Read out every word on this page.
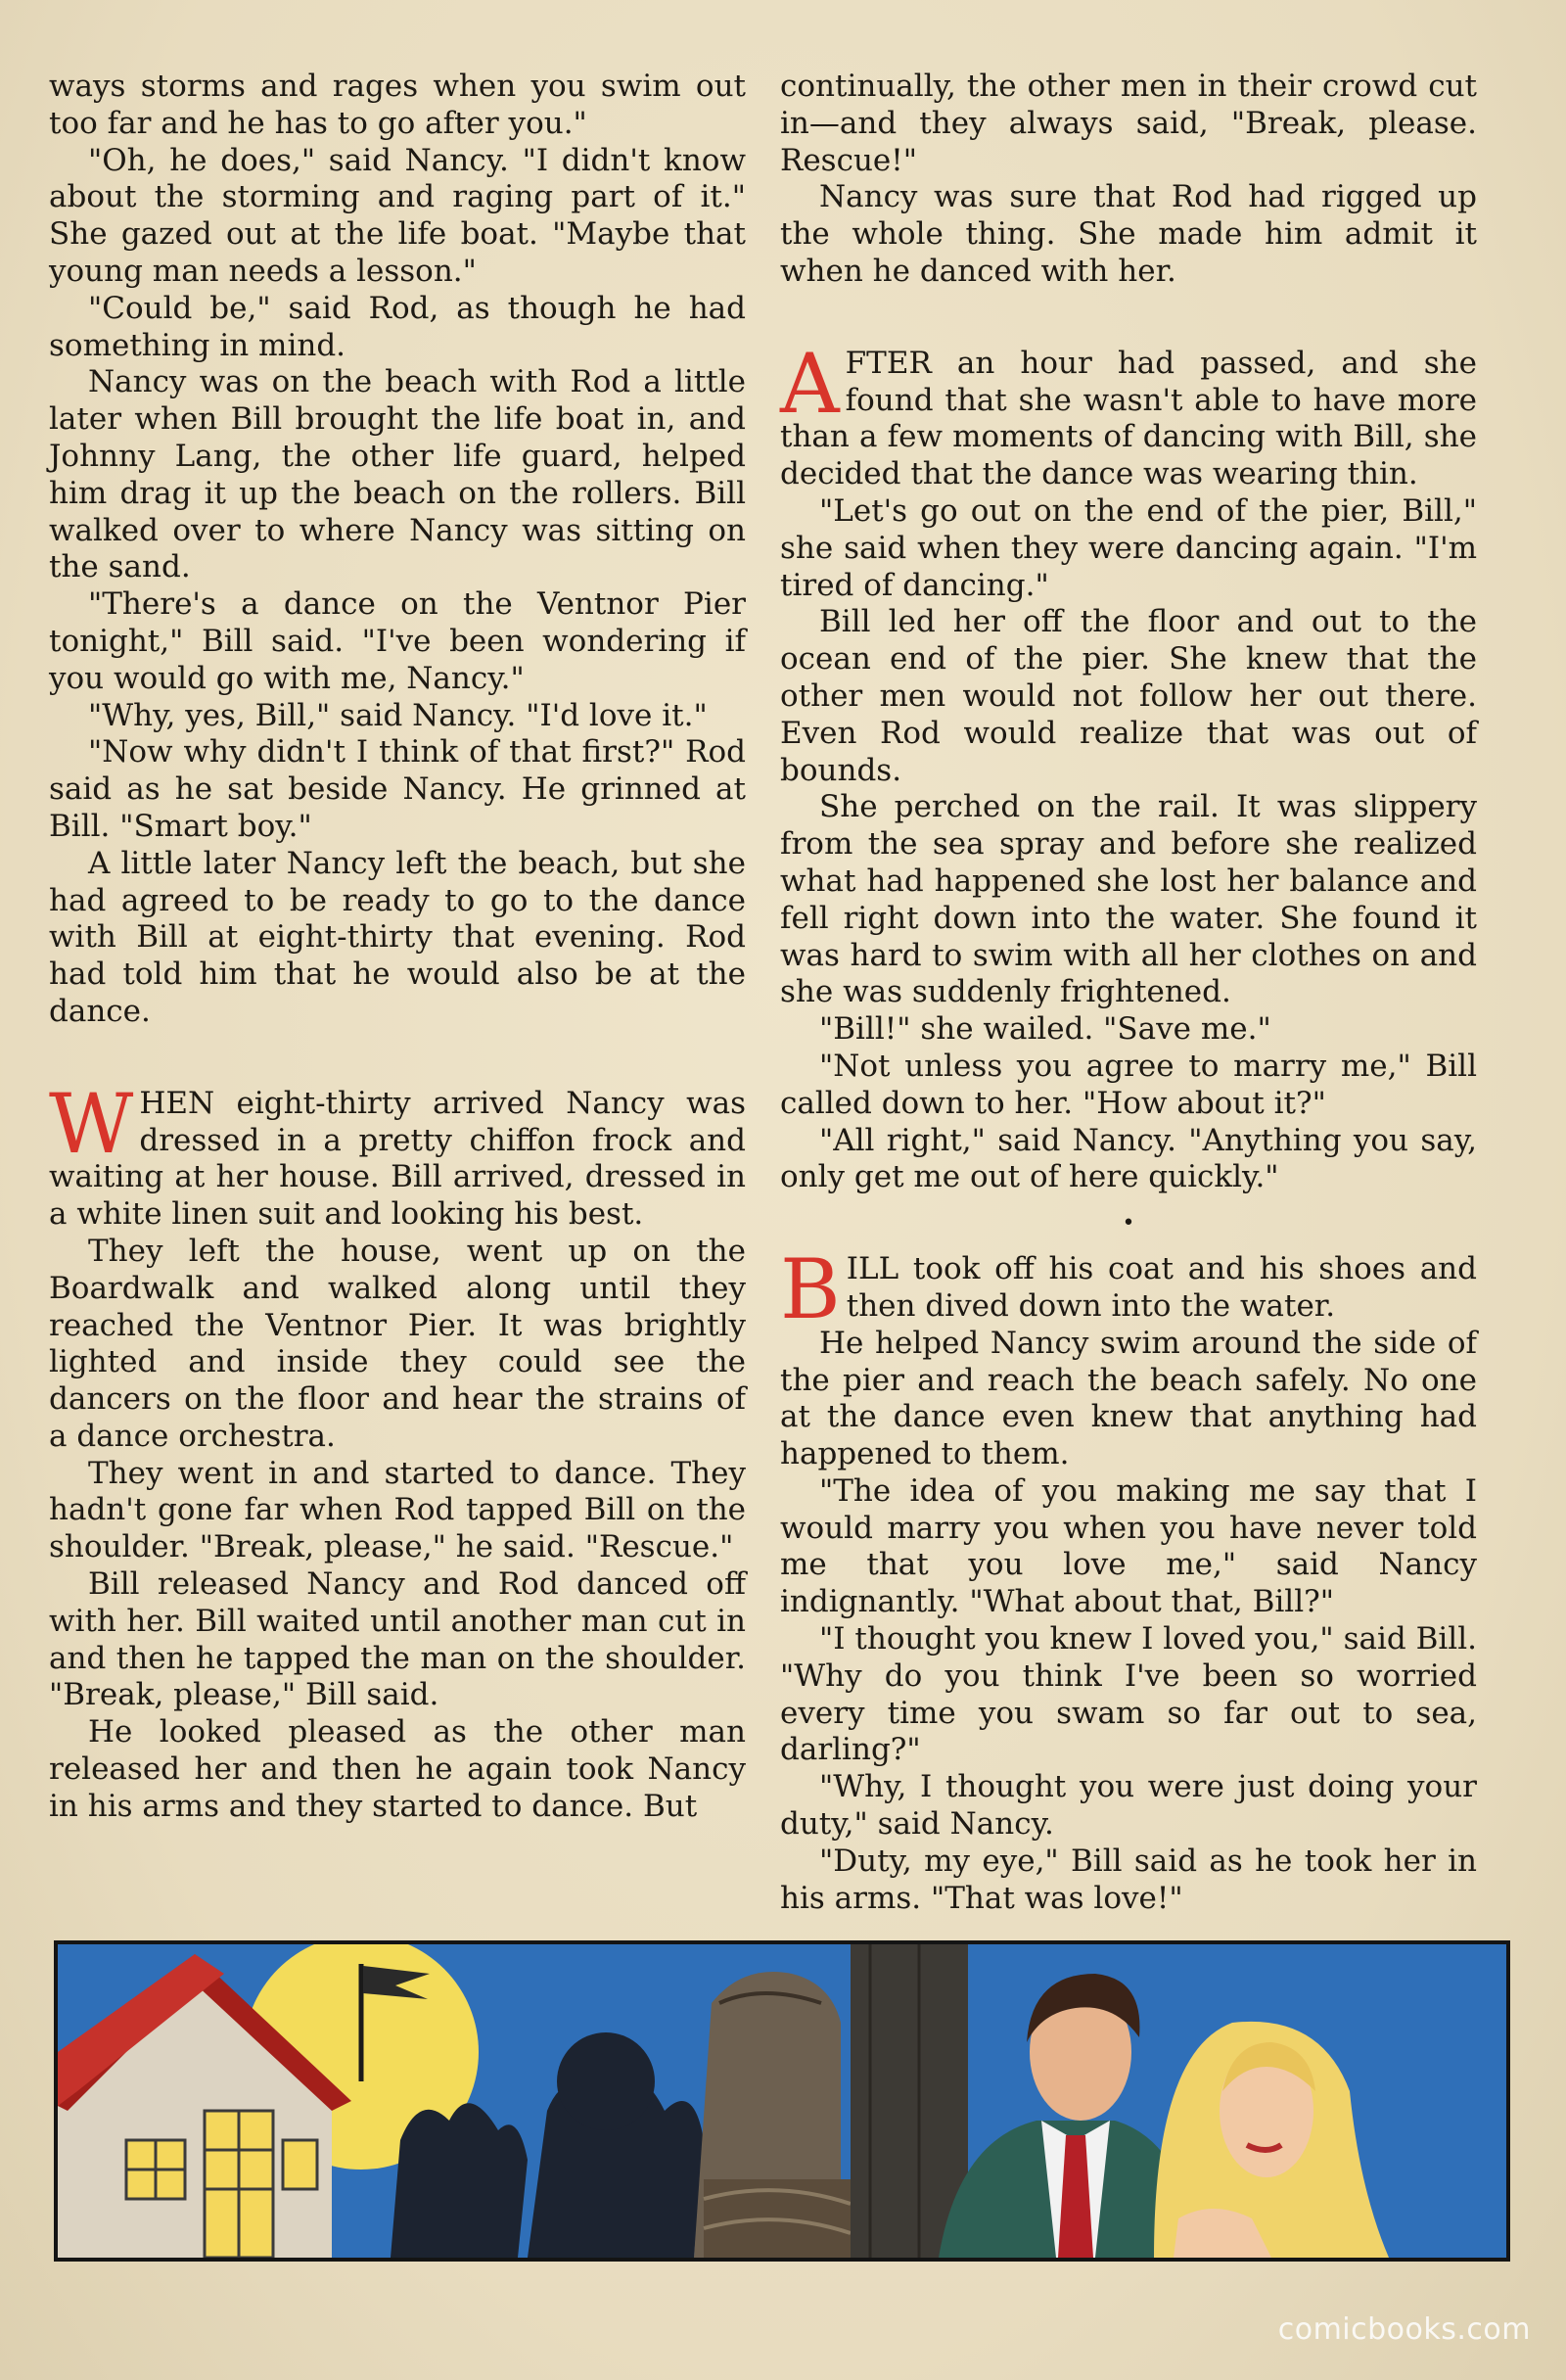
ways storms and rages when you swim out too far and he has to go after you."

"Oh, he does," said Nancy. "I didn't know about the storming and raging part of it." She gazed out at the life boat. "Maybe that young man needs a lesson."

"Could be," said Rod, as though he had something in mind.

Nancy was on the beach with Rod a little later when Bill brought the life boat in, and Johnny Lang, the other life guard, helped him drag it up the beach on the rollers. Bill walked over to where Nancy was sitting on the sand.

"There's a dance on the Ventnor Pier tonight," Bill said. "I've been wondering if you would go with me, Nancy."

"Why, yes, Bill," said Nancy. "I'd love it."

"Now why didn't I think of that first?" Rod said as he sat beside Nancy. He grinned at Bill. "Smart boy."

A little later Nancy left the beach, but she had agreed to be ready to go to the dance with Bill at eight-thirty that evening. Rod had told him that he would also be at the dance.

WHEN eight-thirty arrived Nancy was dressed in a pretty chiffon frock and waiting at her house. Bill arrived, dressed in a white linen suit and looking his best.

They left the house, went up on the Boardwalk and walked along until they reached the Ventnor Pier. It was brightly lighted and inside they could see the dancers on the floor and hear the strains of a dance orchestra.

They went in and started to dance. They hadn't gone far when Rod tapped Bill on the shoulder. "Break, please," he said. "Rescue."

Bill released Nancy and Rod danced off with her. Bill waited until another man cut in and then he tapped the man on the shoulder. "Break, please," Bill said.

He looked pleased as the other man released her and then he again took Nancy in his arms and they started to dance. But

continually, the other men in their crowd cut in—and they always said, "Break, please. Rescue!"

Nancy was sure that Rod had rigged up the whole thing. She made him admit it when he danced with her.

AFTER an hour had passed, and she found that she wasn't able to have more than a few moments of dancing with Bill, she decided that the dance was wearing thin.

"Let's go out on the end of the pier, Bill," she said when they were dancing again. "I'm tired of dancing."

Bill led her off the floor and out to the ocean end of the pier. She knew that the other men would not follow her out there. Even Rod would realize that was out of bounds.

She perched on the rail. It was slippery from the sea spray and before she realized what had happened she lost her balance and fell right down into the water. She found it was hard to swim with all her clothes on and she was suddenly frightened.

"Bill!" she wailed. "Save me."

"Not unless you agree to marry me," Bill called down to her. "How about it?"

"All right," said Nancy. "Anything you say, only get me out of here quickly."

•

BILL took off his coat and his shoes and then dived down into the water.

He helped Nancy swim around the side of the pier and reach the beach safely. No one at the dance even knew that anything had happened to them.

"The idea of you making me say that I would marry you when you have never told me that you love me," said Nancy indignantly. "What about that, Bill?"

"I thought you knew I loved you," said Bill. "Why do you think I've been so worried every time you swam so far out to sea, darling?"

"Why, I thought you were just doing your duty," said Nancy.

"Duty, my eye," Bill said as he took her in his arms. "That was love!"

comicbooks.com
